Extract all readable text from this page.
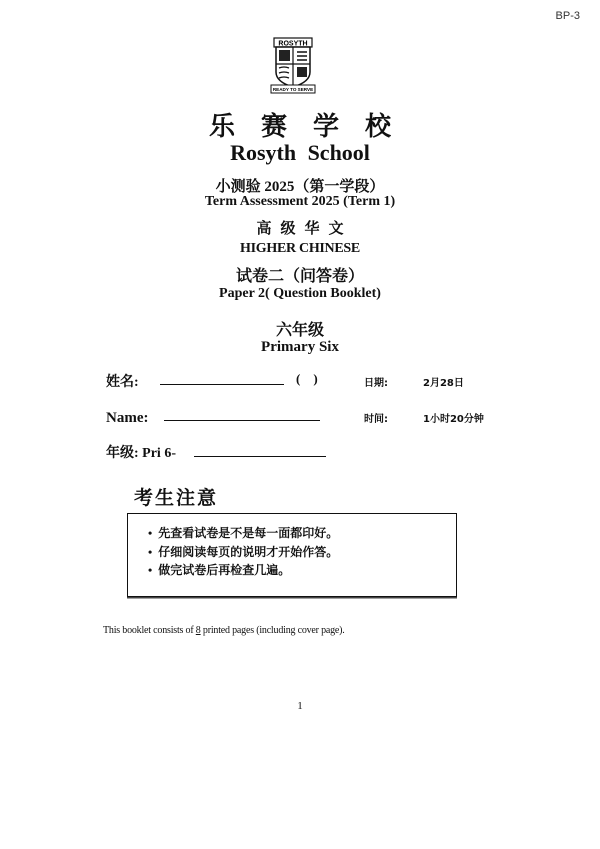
BP-3
ROSYTH
READY TO SERVE
乐赛学校
Rosyth School
小测验 2025（第一学段）
Term Assessment 2025 (Term 1)
高级华文
HIGHER CHINESE
试卷二（问答卷）
Paper 2( Question Booklet)
六年级
Primary Six
姓名:	(    )	日期:	2月28日
Name:	时间:	1小时20分钟
年级: Pri 6-
考生注意
• 先查看试卷是不是每一面都印好。
• 仔细阅读每页的说明才开始作答。
• 做完试卷后再检查几遍。
This booklet consists of 8 printed pages (including cover page).
1
